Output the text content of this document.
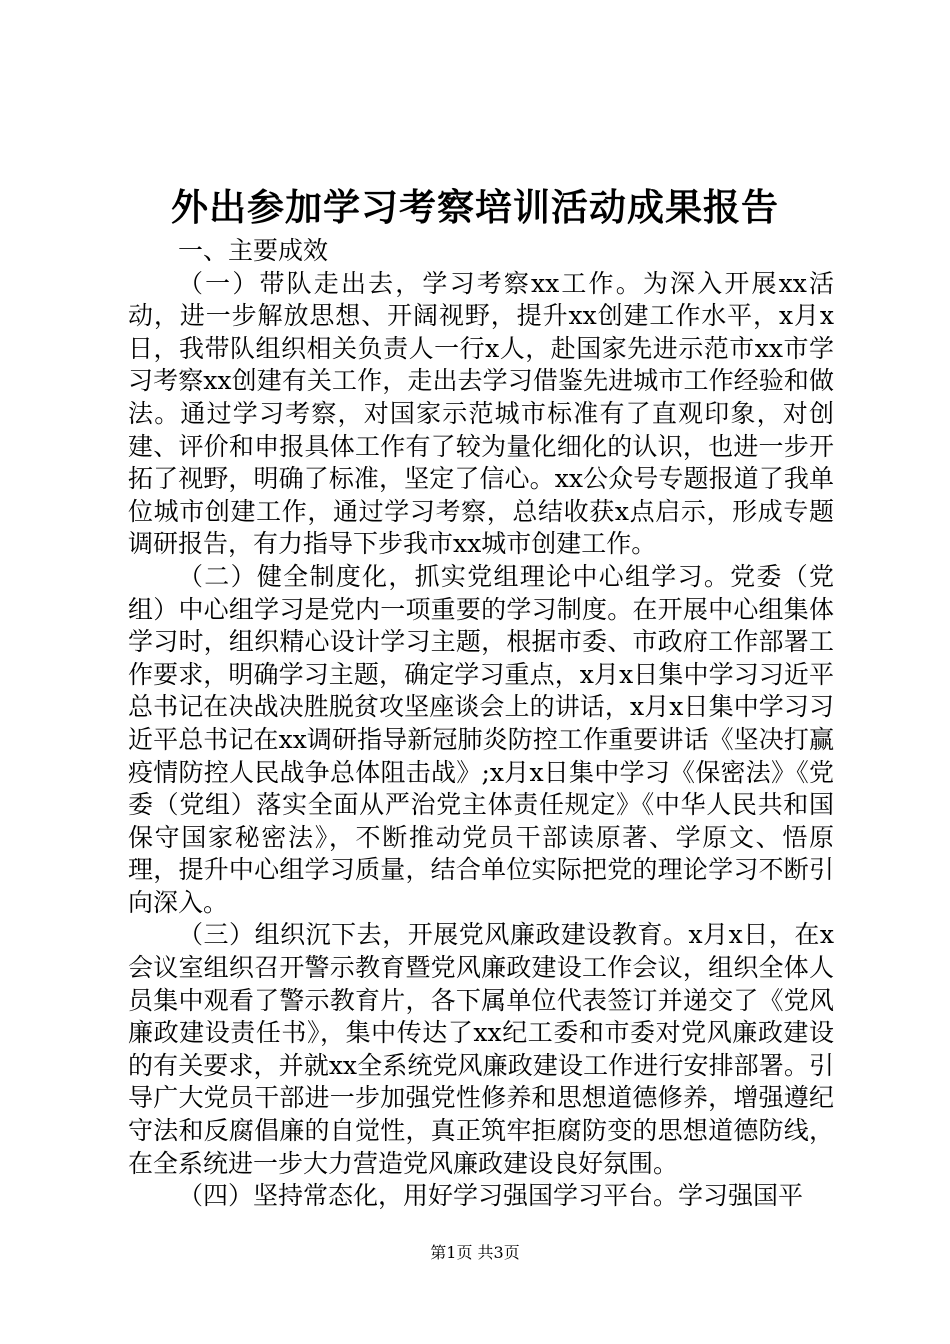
外出参加学习考察培训活动成果报告

一、主要成效

（一）带队走出去，学习考察xx工作。为深入开展xx活动，进一步解放思想、开阔视野，提升xx创建工作水平，x月x日，我带队组织相关负责人一行x人，赴国家先进示范市xx市学习考察xx创建有关工作，走出去学习借鉴先进城市工作经验和做法。通过学习考察，对国家示范城市标准有了直观印象，对创建、评价和申报具体工作有了较为量化细化的认识，也进一步开拓了视野，明确了标准，坚定了信心。xx公众号专题报道了我单位城市创建工作，通过学习考察，总结收获x点启示，形成专题调研报告，有力指导下步我市xx城市创建工作。

（二）健全制度化，抓实党组理论中心组学习。党委（党组）中心组学习是党内一项重要的学习制度。在开展中心组集体学习时，组织精心设计学习主题，根据市委、市政府工作部署工作要求，明确学习主题，确定学习重点，x月x日集中学习习近平总书记在决战决胜脱贫攻坚座谈会上的讲话，x月x日集中学习习近平总书记在xx调研指导新冠肺炎防控工作重要讲话《坚决打赢疫情防控人民战争总体阻击战》;x月x日集中学习《保密法》《党委（党组）落实全面从严治党主体责任规定》《中华人民共和国保守国家秘密法》，不断推动党员干部读原著、学原文、悟原理，提升中心组学习质量，结合单位实际把党的理论学习不断引向深入。

（三）组织沉下去，开展党风廉政建设教育。x月x日，在x会议室组织召开警示教育暨党风廉政建设工作会议，组织全体人员集中观看了警示教育片，各下属单位代表签订并递交了《党风廉政建设责任书》，集中传达了xx纪工委和市委对党风廉政建设的有关要求，并就xx全系统党风廉政建设工作进行安排部署。引导广大党员干部进一步加强党性修养和思想道德修养，增强遵纪守法和反腐倡廉的自觉性，真正筑牢拒腐防变的思想道德防线，在全系统进一步大力营造党风廉政建设良好氛围。

（四）坚持常态化，用好学习强国学习平台。学习强国平

第1页 共3页
